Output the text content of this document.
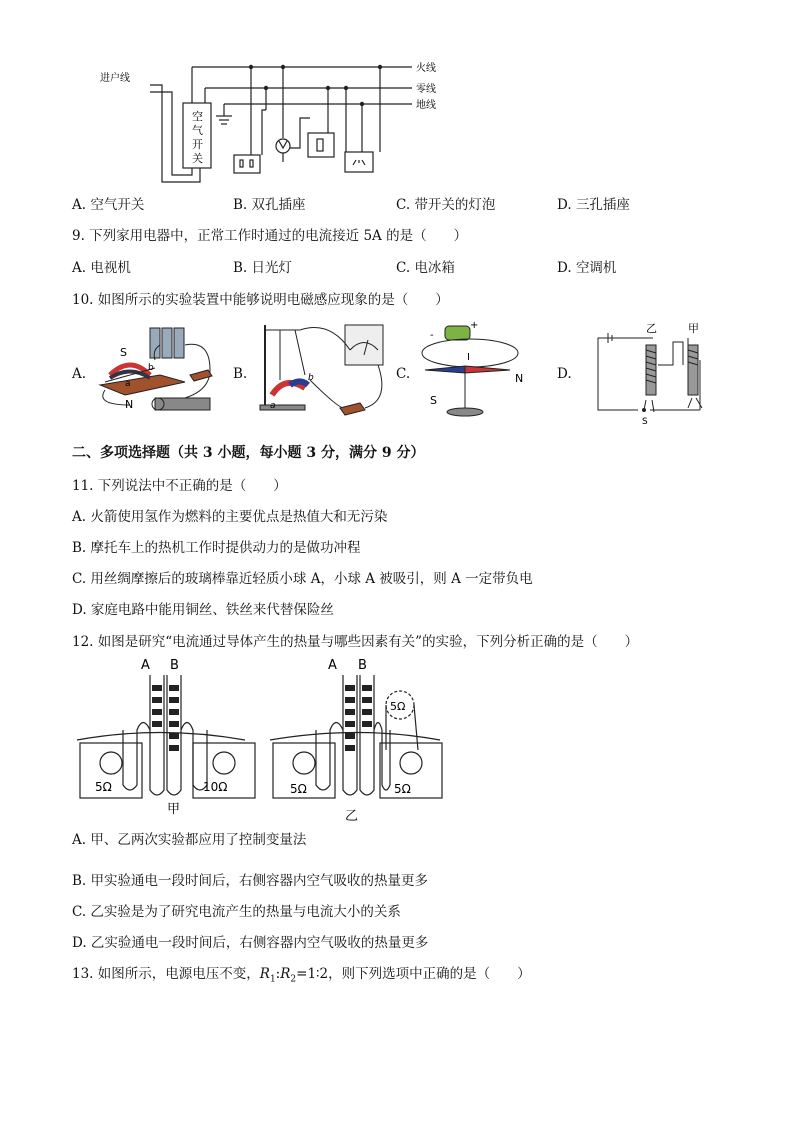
进户线
火线
零线
地线
空
气
开
关
A. 空气开关	B. 双孔插座	C. 带开关的灯泡	D. 三孔插座
9. 下列家用电器中，正常工作时通过的电流接近 5A 的是（　　）
A. 电视机	B. 日光灯	C. 电冰箱	D. 空调机
10. 如图所示的实验装置中能够说明电磁感应现象的是（　　）
A.
S
N
a
b	B.
a
b	C.
+
-
I
N
S
D.
乙	甲
S
二、多项选择题（共 3 小题，每小题 3 分，满分 9 分）
11. 下列说法中不正确的是（　　）
A. 火箭使用氢作为燃料的主要优点是热值大和无污染
B. 摩托车上的热机工作时提供动力的是做功冲程
C. 用丝绸摩擦后的玻璃棒靠近轻质小球 A，小球 A 被吸引，则 A 一定带负电
D. 家庭电路中能用铜丝、铁丝来代替保险丝
12. 如图是研究“电流通过导体产生的热量与哪些因素有关”的实验，下列分析正确的是（　　）
A B
5Ω	10Ω
甲
A B
5Ω
5Ω	5Ω
乙
A. 甲、乙两次实验都应用了控制变量法
B. 甲实验通电一段时间后，右侧容器内空气吸收的热量更多
C. 乙实验是为了研究电流产生的热量与电流大小的关系
D. 乙实验通电一段时间后，右侧容器内空气吸收的热量更多
13. 如图所示，电源电压不变，$R_1:R_2=1∶2$，则下列选项中正确的是（　　）
